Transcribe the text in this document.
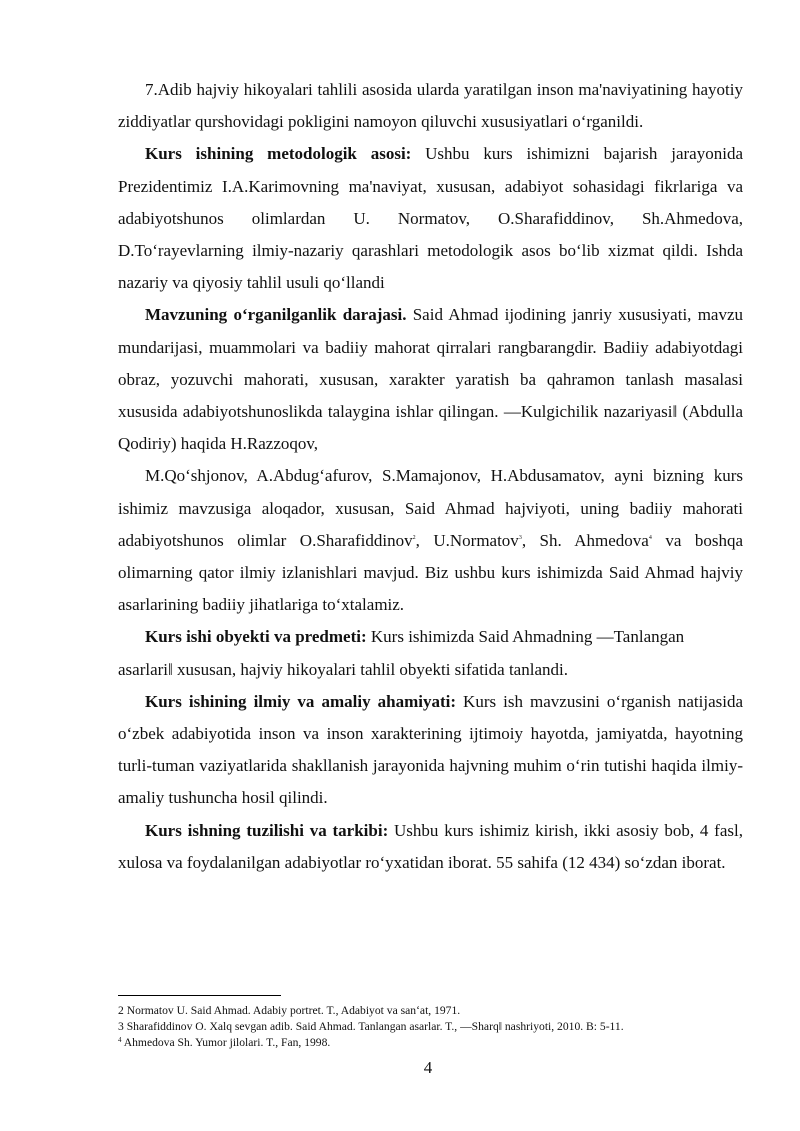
7.Adib hajviy hikoyalari tahlili asosida ularda yaratilgan inson ma'naviyatining hayotiy ziddiyatlar qurshovidagi pokligini namoyon qiluvchi xususiyatlari o‘rganildi.

Kurs ishining metodologik asosi: Ushbu kurs ishimizni bajarish jarayonida Prezidentimiz I.A.Karimovning ma'naviyat, xususan, adabiyot sohasidagi fikrlariga va adabiyotshunos olimlardan U. Normatov, O.Sharafiddinov, Sh.Ahmedova, D.To‘rayevlarning ilmiy-nazariy qarashlari metodologik asos bo‘lib xizmat qildi. Ishda nazariy va qiyosiy tahlil usuli qo‘llandi

Mavzuning o‘rganilganlik darajasi. Said Ahmad ijodining janriy xususiyati, mavzu mundarijasi, muammolari va badiiy mahorat qirralari rangbarangdir. Badiiy adabiyotdagi obraz, yozuvchi mahorati, xususan, xarakter yaratish ba qahramon tanlash masalasi xususida adabiyotshunoslikda talaygina ishlar qilingan. ―Kulgichilik nazariyasi‖ (Abdulla Qodiriy) haqida H.Razzoqov,

M.Qo‘shjonov, A.Abdug‘afurov, S.Mamajonov, H.Abdusamatov, ayni bizning kurs ishimiz mavzusiga aloqador, xususan, Said Ahmad hajviyoti, uning badiiy mahorati adabiyotshunos olimlar O.Sharafiddinov$^2$, U.Normatov$^3$, Sh. Ahmedova$^4$ va boshqa olimarning qator ilmiy izlanishlari mavjud. Biz ushbu kurs ishimizda Said Ahmad hajviy asarlarining badiiy jihatlariga to‘xtalamiz.

Kurs ishi obyekti va predmeti: Kurs ishimizda Said Ahmadning ―Tanlangan asarlari‖ xususan, hajviy hikoyalari tahlil obyekti sifatida tanlandi.

Kurs ishining ilmiy va amaliy ahamiyati: Kurs ish mavzusini o‘rganish natijasida o‘zbek adabiyotida inson va inson xarakterining ijtimoiy hayotda, jamiyatda, hayotning turli-tuman vaziyatlarida shakllanish jarayonida hajvning muhim o‘rin tutishi haqida ilmiy-amaliy tushuncha hosil qilindi.

Kurs ishning tuzilishi va tarkibi: Ushbu kurs ishimiz kirish, ikki asosiy bob, 4 fasl, xulosa va foydalanilgan adabiyotlar ro‘yxatidan iborat. 55 sahifa (12 434) so‘zdan iborat.

2 Normatov U. Said Ahmad. Adabiy portret. T., Adabiyot va san‘at, 1971.
3 Sharafiddinov O. Xalq sevgan adib. Said Ahmad. Tanlangan asarlar. T., ―Sharq‖ nashriyoti, 2010. B: 5-11.
$^4$ Ahmedova Sh. Yumor jilolari. T., Fan, 1998.
4
